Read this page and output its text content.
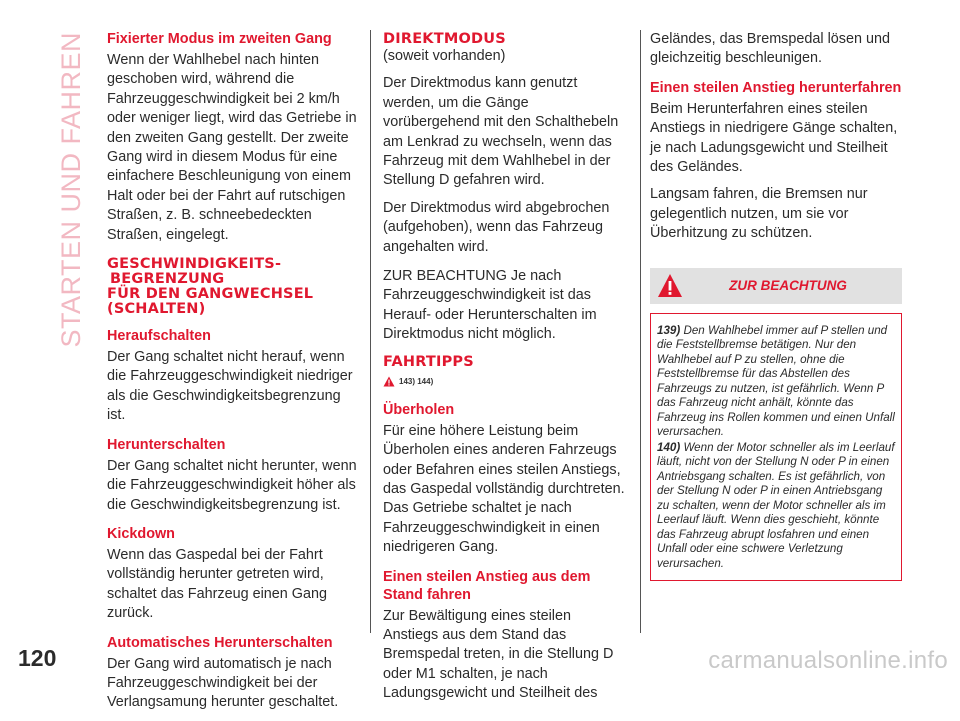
STARTEN UND FAHREN
120	carmanualsonline.info
Fixierter Modus im zweiten Gang

Wenn der Wahlhebel nach hinten geschoben wird, während die Fahrzeuggeschwindigkeit bei 2 km/h oder weniger liegt, wird das Getriebe in den zweiten Gang gestellt. Der zweite Gang wird in diesem Modus für eine einfachere Beschleunigung von einem Halt oder bei der Fahrt auf rutschigen Straßen, z. B. schneebedeckten Straßen, eingelegt.

GESCHWINDIGKEITS-
BEGRENZUNG
FÜR DEN GANGWECHSEL
(SCHALTEN)
Heraufschalten

Der Gang schaltet nicht herauf, wenn die Fahrzeuggeschwindigkeit niedriger als die Geschwindigkeitsbegrenzung ist.

Herunterschalten

Der Gang schaltet nicht herunter, wenn die Fahrzeuggeschwindigkeit höher als die Geschwindigkeitsbegrenzung ist.

Kickdown

Wenn das Gaspedal bei der Fahrt vollständig herunter getreten wird, schaltet das Fahrzeug einen Gang zurück.

Automatisches Herunterschalten

Der Gang wird automatisch je nach Fahrzeuggeschwindigkeit bei der Verlangsamung herunter geschaltet.

DIREKTMODUS

(soweit vorhanden)

Der Direktmodus kann genutzt werden, um die Gänge vorübergehend mit den Schalthebeln am Lenkrad zu wechseln, wenn das Fahrzeug mit dem Wahlhebel in der Stellung D gefahren wird.

Der Direktmodus wird abgebrochen (aufgehoben), wenn das Fahrzeug angehalten wird.

ZUR BEACHTUNG Je nach Fahrzeuggeschwindigkeit ist das Herauf- oder Herunterschalten im Direktmodus nicht möglich.

FAHRTIPPS
143) 144)
Überholen

Für eine höhere Leistung beim Überholen eines anderen Fahrzeugs oder Befahren eines steilen Anstiegs, das Gaspedal vollständig durchtreten. Das Getriebe schaltet je nach Fahrzeuggeschwindigkeit in einen niedrigeren Gang.

Einen steilen Anstieg aus dem Stand fahren

Zur Bewältigung eines steilen Anstiegs aus dem Stand das Bremspedal treten, in die Stellung D oder M1 schalten, je nach Ladungsgewicht und Steilheit des

Geländes, das Bremspedal lösen und gleichzeitig beschleunigen.

Einen steilen Anstieg herunterfahren

Beim Herunterfahren eines steilen Anstiegs in niedrigere Gänge schalten, je nach Ladungsgewicht und Steilheit des Geländes.

Langsam fahren, die Bremsen nur gelegentlich nutzen, um sie vor Überhitzung zu schützen.

ZUR BEACHTUNG

139) Den Wahlhebel immer auf P stellen und die Feststellbremse betätigen. Nur den Wahlhebel auf P zu stellen, ohne die Feststellbremse für das Abstellen des Fahrzeugs zu nutzen, ist gefährlich. Wenn P das Fahrzeug nicht anhält, könnte das Fahrzeug ins Rollen kommen und einen Unfall verursachen.

140) Wenn der Motor schneller als im Leerlauf läuft, nicht von der Stellung N oder P in einen Antriebsgang schalten. Es ist gefährlich, von der Stellung N oder P in einen Antriebsgang zu schalten, wenn der Motor schneller als im Leerlauf läuft. Wenn dies geschieht, könnte das Fahrzeug abrupt losfahren und einen Unfall oder eine schwere Verletzung verursachen.
